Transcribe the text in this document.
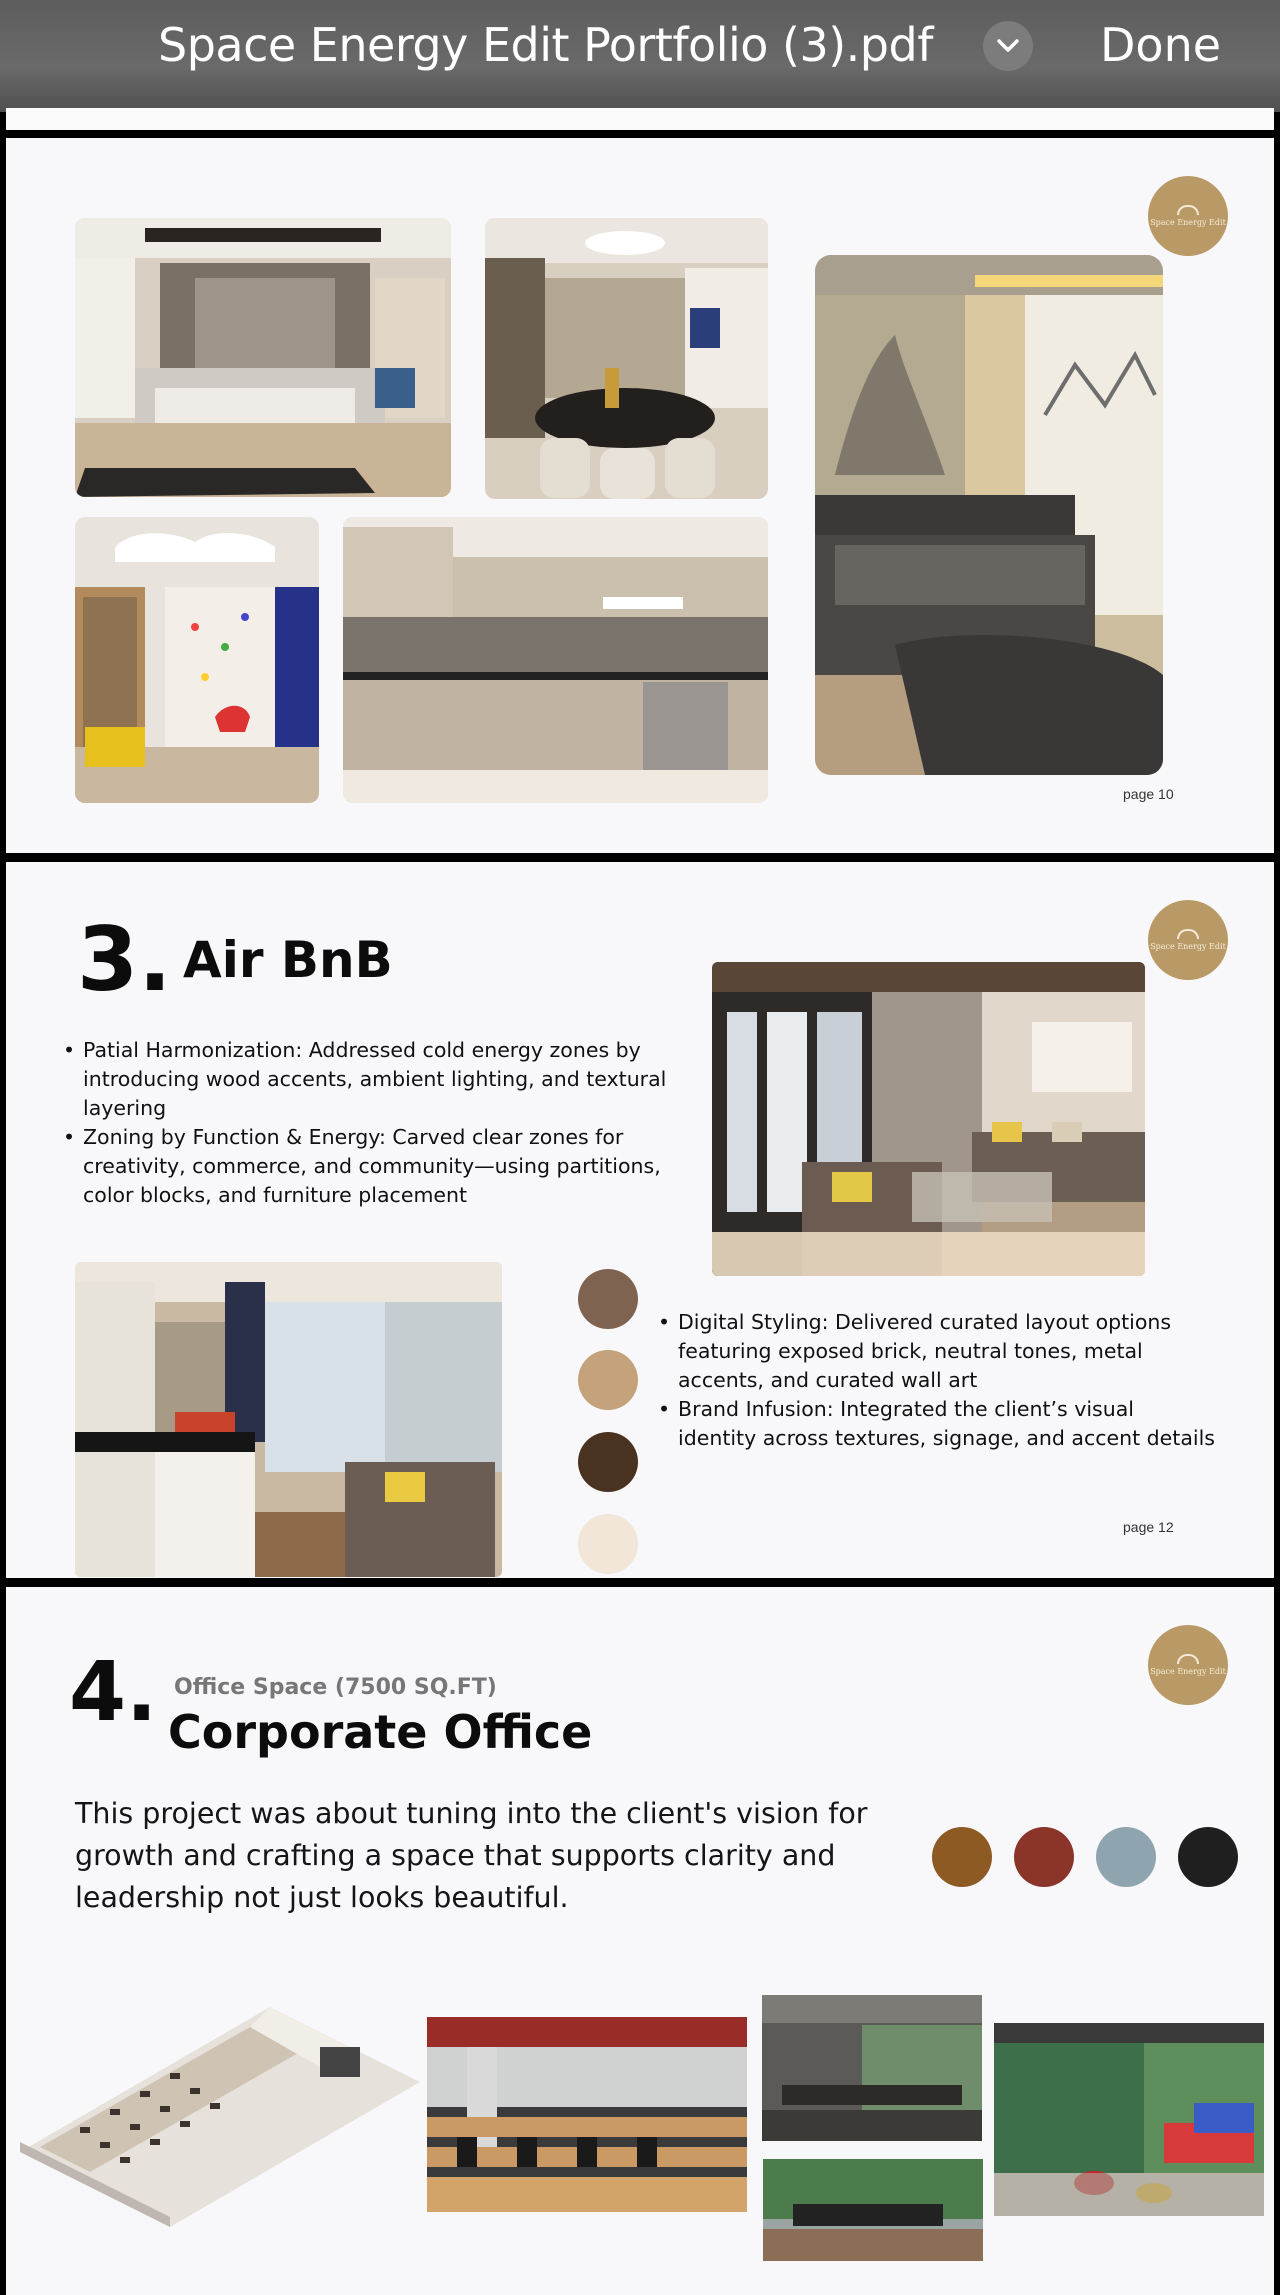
Space Energy Edit Portfolio (3).pdf	Done
Space Energy Edit
page 10
3. Air BnB
• Patial Harmonization: Addressed cold energy zones by introducing wood accents, ambient lighting, and textural layering
• Zoning by Function & Energy: Carved clear zones for creativity, commerce, and community—using partitions, color blocks, and furniture placement
• Digital Styling: Delivered curated layout options featuring exposed brick, neutral tones, metal accents, and curated wall art
• Brand Infusion: Integrated the client’s visual identity across textures, signage, and accent details
Space Energy Edit
page 12
4. Office Space (7500 SQ.FT)
Corporate Office
This project was about tuning into the client's vision for growth and crafting a space that supports clarity and leadership not just looks beautiful.
Space Energy Edit
